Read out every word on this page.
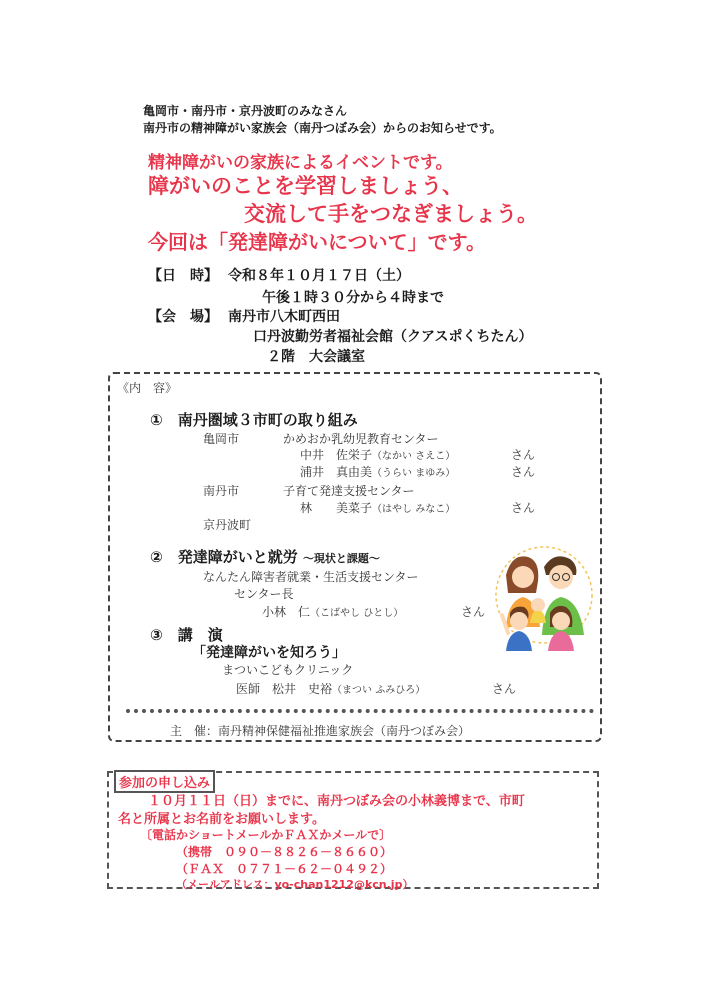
亀岡市・南丹市・京丹波町のみなさん
南丹市の精神障がい家族会（南丹つぼみ会）からのお知らせです。
精神障がいの家族によるイベントです。
障がいのことを学習しましょう、
交流して手をつなぎましょう。
今回は「発達障がいについて」です。
【日　時】 令和８年１０月１７日（土）
午後１時３０分から４時まで
【会　場】 南丹市八木町西田
口丹波勤労者福祉会館（クアスポくちたん）
２階　大会議室
《内　容》
①　南丹圏域３市町の取り組み
亀岡市	かめおか乳幼児教育センター
中井　佐栄子（なかい さえこ）	さん
浦井　真由美（うらい まゆみ）	さん
南丹市	子育て発達支援センター
林　　美菜子（はやし みなこ）	さん
京丹波町
②　発達障がいと就労 ～現状と課題～
なんたん障害者就業・生活支援センター
センター長
小林　仁（こばやし ひとし）	さん
③　講　演
「発達障がいを知ろう」
まついこどもクリニック
医師　松井　史裕（まつい ふみひろ）	さん
主　催：南丹精神保健福祉推進家族会（南丹つぼみ会）
参加の申し込み
１０月１１日（日）までに、南丹つぼみ会の小林義博まで、市町
名と所属とお名前をお願いします。
〔電話かショートメールかＦＡＸかメールで〕
（携帯　０９０－８８２６－８６６０）
（ＦＡＸ　０７７１－６２－０４９２）
（メールアドレス：yo-chan1212@kcn.jp）
